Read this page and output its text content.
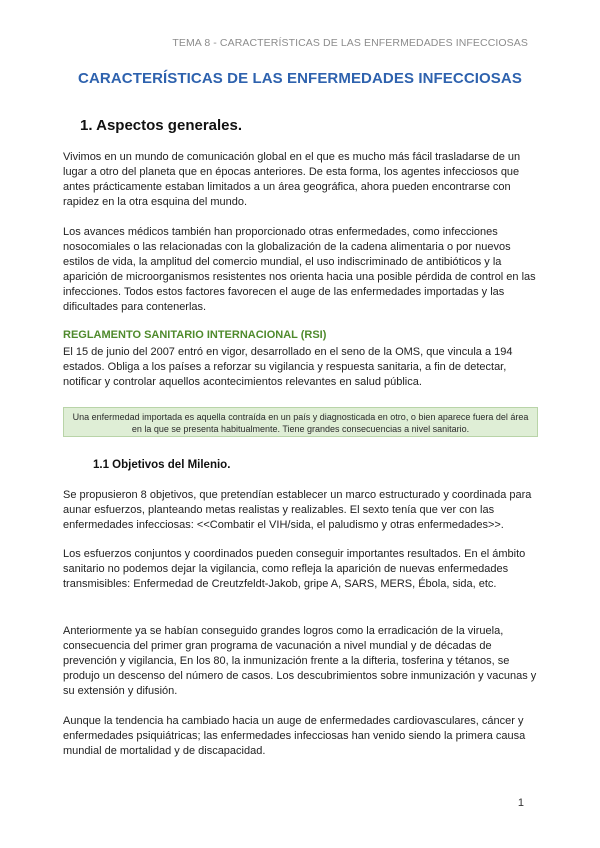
TEMA 8 - CARACTERÍSTICAS DE LAS ENFERMEDADES INFECCIOSAS
CARACTERÍSTICAS DE LAS ENFERMEDADES INFECCIOSAS
1. Aspectos generales.

Vivimos en un mundo de comunicación global en el que es mucho más fácil trasladarse de un lugar a otro del planeta que en épocas anteriores. De esta forma, los agentes infecciosos que antes prácticamente estaban limitados a un área geográfica, ahora pueden encontrarse con rapidez en la otra esquina del mundo.

Los avances médicos también han proporcionado otras enfermedades, como infecciones nosocomiales o las relacionadas con la globalización de la cadena alimentaria o por nuevos estilos de vida, la amplitud del comercio mundial, el uso indiscriminado de antibióticos y la aparición de microorganismos resistentes nos orienta hacia una posible pérdida de control en las infecciones. Todos estos factores favorecen el auge de las enfermedades importadas y las dificultades para contenerlas.

REGLAMENTO SANITARIO INTERNACIONAL (RSI)

El 15 de junio del 2007 entró en vigor, desarrollado en el seno de la OMS, que vincula a 194 estados. Obliga a los países a reforzar su vigilancia y respuesta sanitaria, a fin de detectar, notificar y controlar aquellos acontecimientos relevantes en salud pública.

Una enfermedad importada es aquella contraída en un país y diagnosticada en otro, o bien aparece fuera del área en la que se presenta habitualmente. Tiene grandes consecuencias a nivel sanitario.
1.1 Objetivos del Milenio.

Se propusieron 8 objetivos, que pretendían establecer un marco estructurado y coordinada para aunar esfuerzos, planteando metas realistas y realizables. El sexto tenía que ver con las enfermedades infecciosas: <<Combatir el VIH/sida, el paludismo y otras enfermedades>>.

Los esfuerzos conjuntos y coordinados pueden conseguir importantes resultados. En el ámbito sanitario no podemos dejar la vigilancia, como refleja la aparición de nuevas enfermedades transmisibles: Enfermedad de Creutzfeldt-Jakob, gripe A, SARS, MERS, Ébola, sida, etc.

Anteriormente ya se habían conseguido grandes logros como la erradicación de la viruela, consecuencia del primer gran programa de vacunación a nivel mundial y de décadas de prevención y vigilancia, En los 80, la inmunización frente a la difteria, tosferina y tétanos, se produjo un descenso del número de casos. Los descubrimientos sobre inmunización y vacunas y su extensión y difusión.

Aunque la tendencia ha cambiado hacia un auge de enfermedades cardiovasculares, cáncer y enfermedades psiquiátricas; las enfermedades infecciosas han venido siendo la primera causa mundial de mortalidad y de discapacidad.

1
